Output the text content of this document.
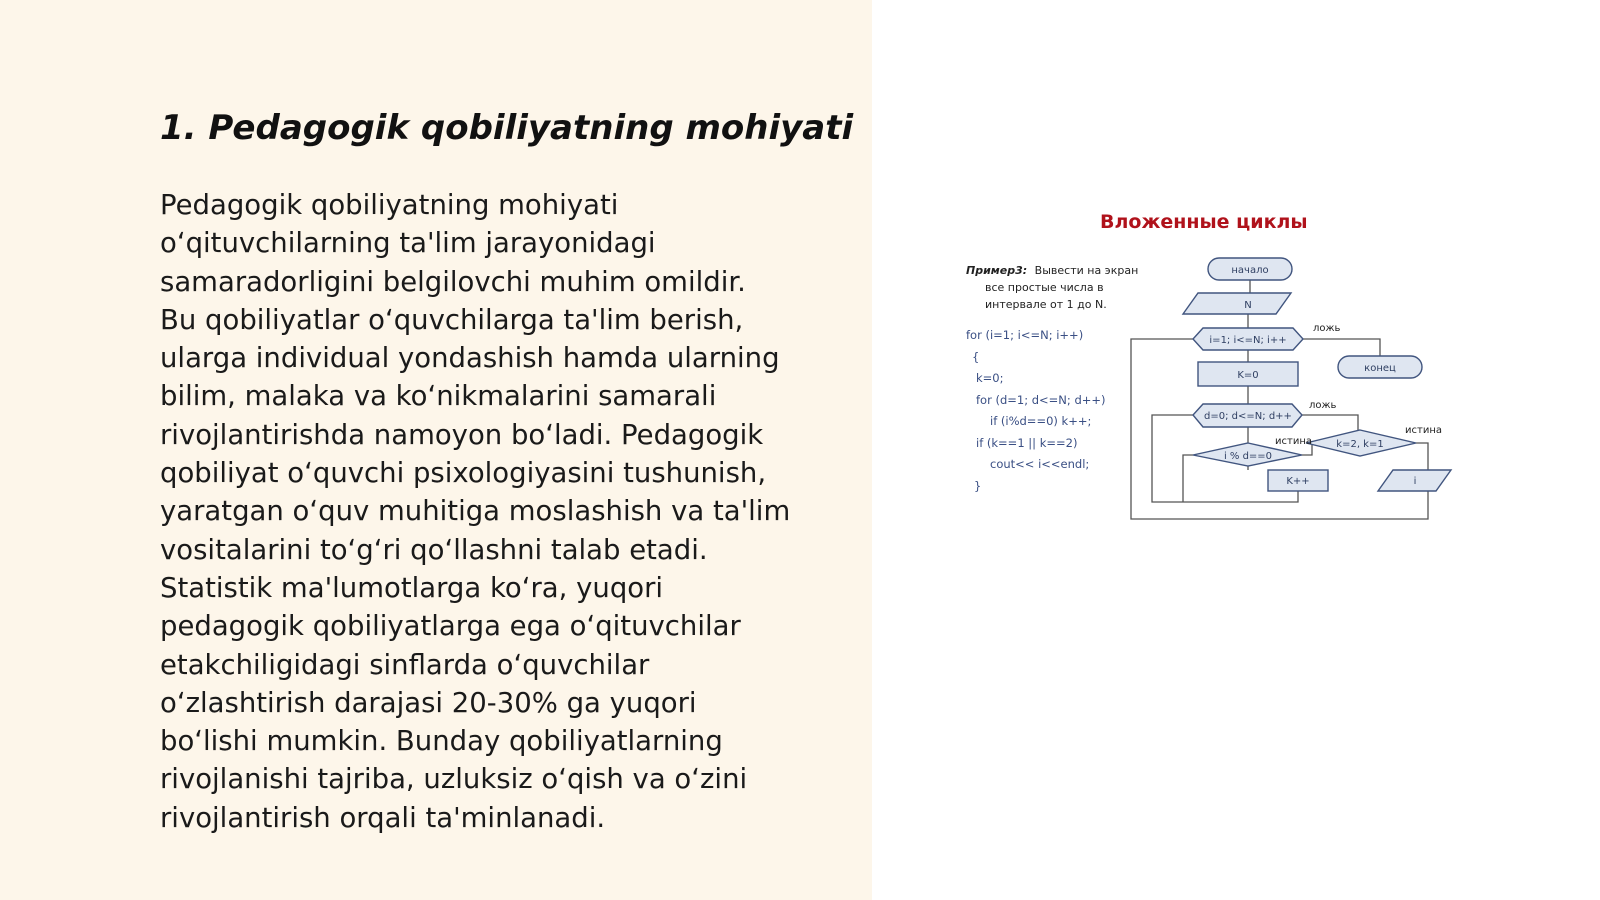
1. Pedagogik qobiliyatning mohiyati
Pedagogik qobiliyatning mohiyati
oʻqituvchilarning ta'lim jarayonidagi
samaradorligini belgilovchi muhim omildir.
Bu qobiliyatlar oʻquvchilarga ta'lim berish,
ularga individual yondashish hamda ularning
bilim, malaka va koʻnikmalarini samarali
rivojlantirishda namoyon boʻladi. Pedagogik
qobiliyat oʻquvchi psixologiyasini tushunish,
yaratgan oʻquv muhitiga moslashish va ta'lim
vositalarini toʻgʻri qoʻllashni talab etadi.
Statistik ma'lumotlarga koʻra, yuqori
pedagogik qobiliyatlarga ega oʻqituvchilar
etakchiligidagi sinflarda oʻquvchilar
oʻzlashtirish darajasi 20-30% ga yuqori
boʻlishi mumkin. Bunday qobiliyatlarning
rivojlanishi tajriba, uzluksiz oʻqish va oʻzini
rivojlantirish orqali ta'minlanadi.
Вложенные циклы
Пример3: Вывести на экран
все простые числа в
интервале от 1 до N.
for (i=1; i<=N; i++)
{
k=0;
for (d=1; d<=N; d++)
if (i%d==0) k++;
if (k==1 || k==2)
cout<< i<<endl;
}
начало
N
i=1; i<=N; i++
конец
K=0
d=0; d<=N; d++
i % d==0
k=2, k=1
K++	i
ложь
ложь
истина
истина
